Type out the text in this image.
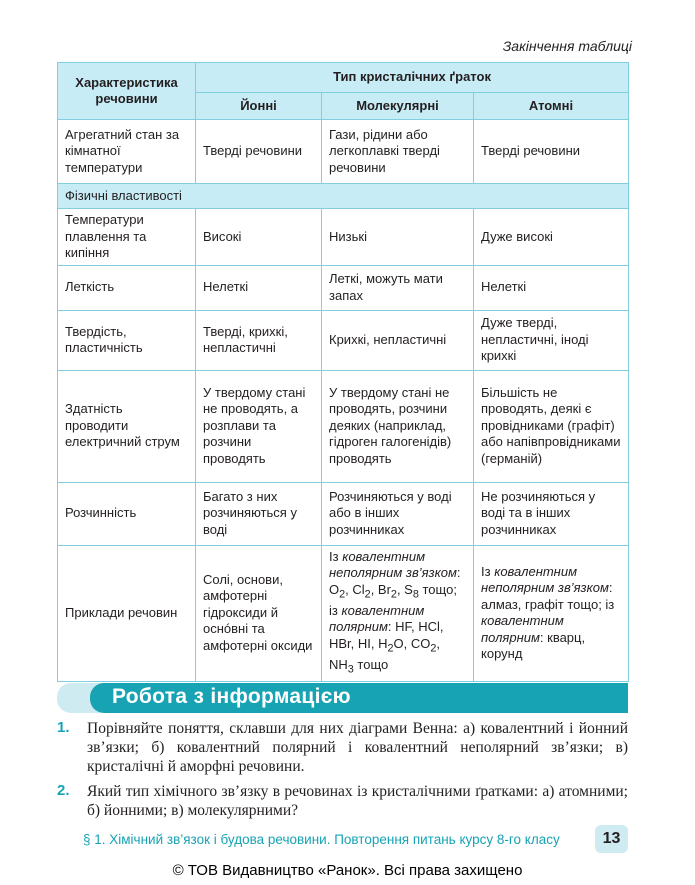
Закінчення таблиці
Характеристика речовини	Тип кристалічних ґраток		
	Йонні	Молекулярні	Атомні
Агрегатний стан за кімнатної температури	Тверді речовини	Гази, рідини або легкоплавкі тверді речовини	Тверді речовини
Фізичні властивості			
Температури плавлення та кипіння	Високі	Низькі	Дуже високі
Леткість	Нелеткі	Леткі, можуть мати запах	Нелеткі
Твердість, пластичність	Тверді, крихкі, непластичні	Крихкі, непластичні	Дуже тверді, непластичні, іноді крихкі
Здатність проводити електричний струм	У твердому стані не проводять, а розплави та розчини проводять	У твердому стані не проводять, розчини деяких (наприклад, гідроген галогенідів) проводять	Більшість не проводять, деякі є провідниками (графіт) або напівпровідниками (германій)
Розчинність	Багато з них розчиняються у воді	Розчиняються у воді або в інших розчинниках	Не розчиняються у воді та в інших розчинниках
Приклади речовин	Солі, основи, амфотерні гідроксиди й оснóвні та амфотерні оксиди	Із ковалентним неполярним зв’язком: $O_2$, $Cl_2$, $Br_2$, $S_8$ тощо; із ковалентним полярним: HF, HCl, HBr, HI, $H_2O$, $CO_2$, $NH_3$ тощо	Із ковалентним неполярним зв’язком: алмаз, графіт тощо; із ковалентним полярним: кварц, корунд
Робота з інформацією
1. Порівняйте поняття, склавши для них діаграми Венна: а) ковалентний і йонний зв’язки; б) ковалентний полярний і ковалентний неполярний зв’язки; в) кристалічні й аморфні речовини.
2. Який тип хімічного зв’язку в речовинах із кристалічними ґратками: а) атомними; б) йонними; в) молекулярними?
§ 1. Хімічний зв’язок і будова речовини. Повторення питань курсу 8-го класу	13
© ТОВ Видавництво «Ранок». Всі права захищено
